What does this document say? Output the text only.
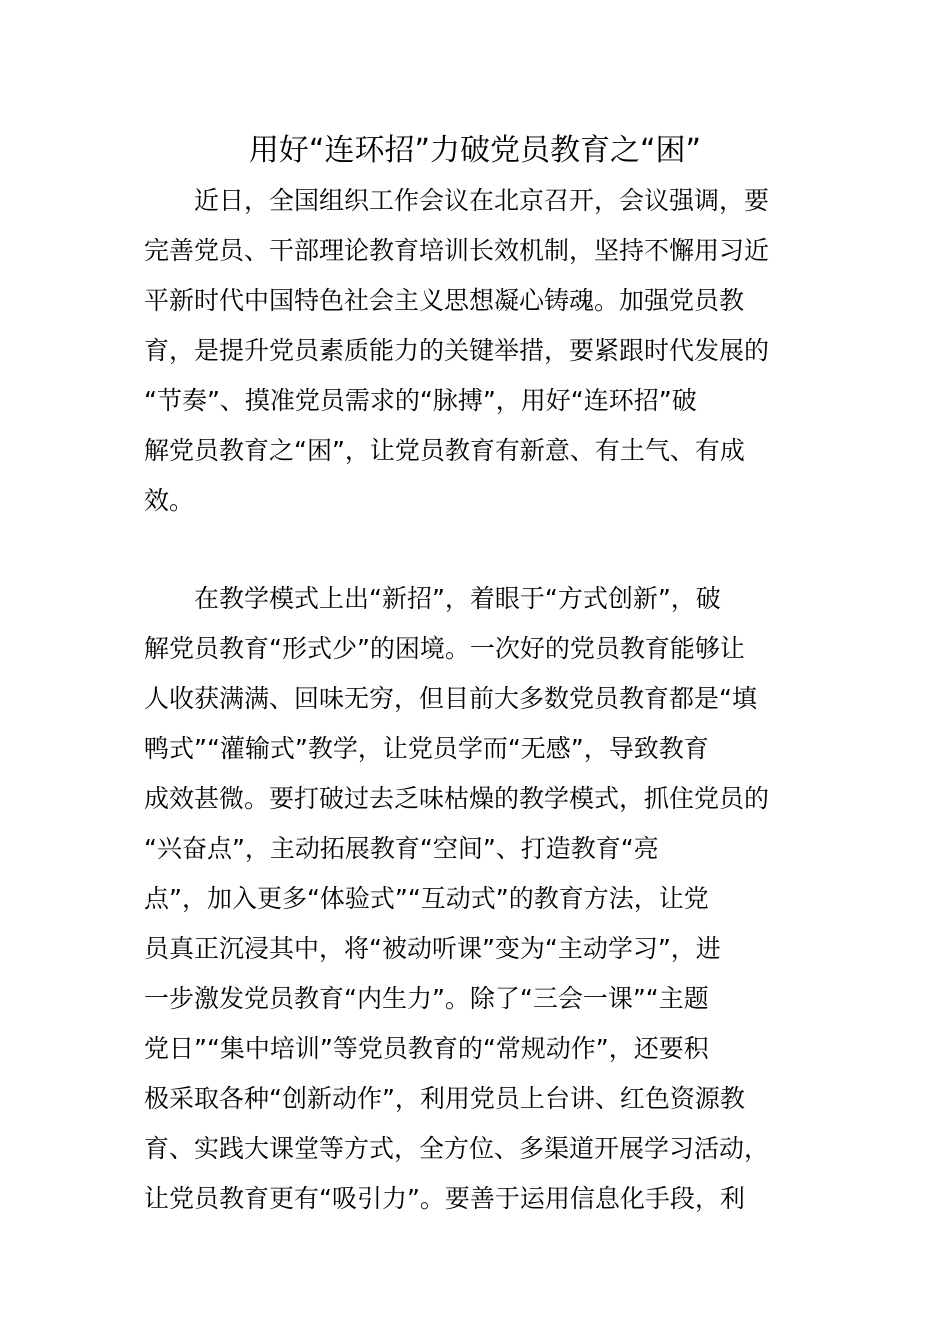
用好“连环招”力破党员教育之“困”
近日，全国组织工作会议在北京召开，会议强调，要
完善党员、干部理论教育培训长效机制，坚持不懈用习近
平新时代中国特色社会主义思想凝心铸魂。加强党员教
育，是提升党员素质能力的关键举措，要紧跟时代发展的
“节奏”、摸准党员需求的“脉搏”，用好“连环招”破
解党员教育之“困”，让党员教育有新意、有土气、有成
效。
在教学模式上出“新招”，着眼于“方式创新”，破
解党员教育“形式少”的困境。一次好的党员教育能够让
人收获满满、回味无穷，但目前大多数党员教育都是“填
鸭式”“灌输式”教学，让党员学而“无感”，导致教育
成效甚微。要打破过去乏味枯燥的教学模式，抓住党员的
“兴奋点”，主动拓展教育“空间”、打造教育“亮
点”，加入更多“体验式”“互动式”的教育方法，让党
员真正沉浸其中，将“被动听课”变为“主动学习”，进
一步激发党员教育“内生力”。除了“三会一课”“主题
党日”“集中培训”等党员教育的“常规动作”，还要积
极采取各种“创新动作”，利用党员上台讲、红色资源教
育、实践大课堂等方式，全方位、多渠道开展学习活动，
让党员教育更有“吸引力”。要善于运用信息化手段，利
